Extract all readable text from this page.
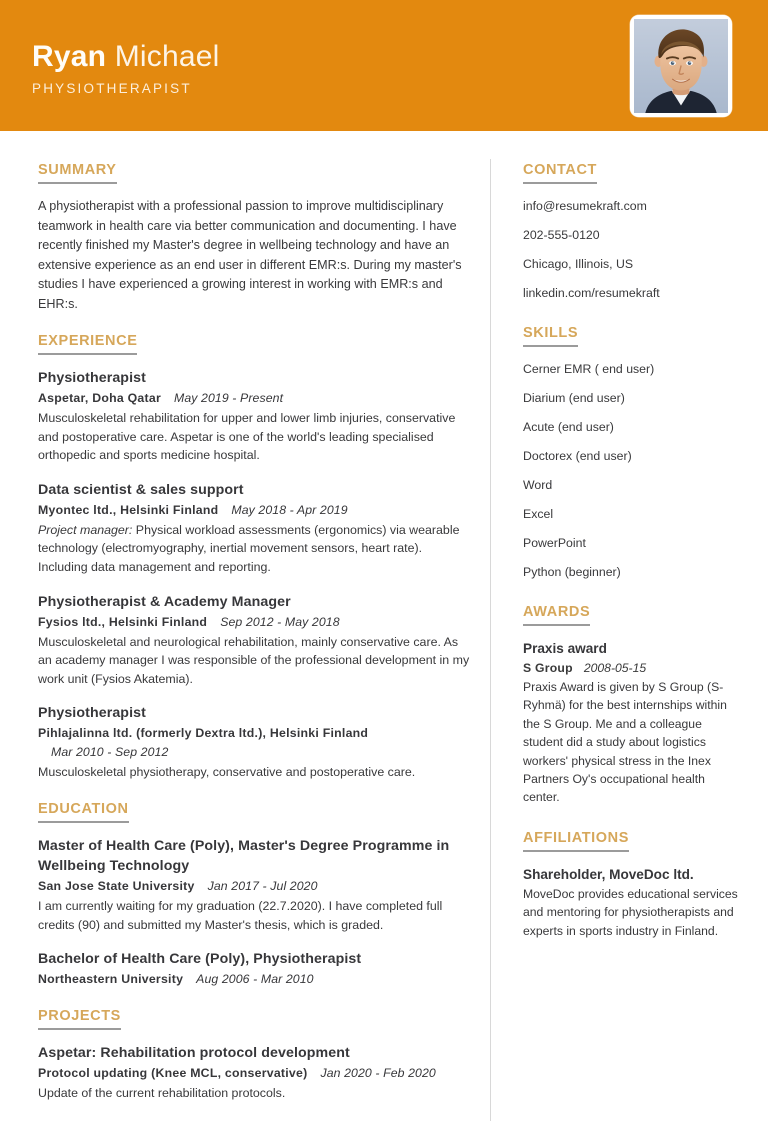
Ryan Michael
PHYSIOTHERAPIST
SUMMARY
A physiotherapist with a professional passion to improve multidisciplinary teamwork in health care via better communication and documenting. I have recently finished my Master's degree in wellbeing technology and have an extensive experience as an end user in different EMR:s. During my master's studies I have experienced a growing interest in working with EMR:s and EHR:s.
EXPERIENCE
Physiotherapist
Aspetar, Doha Qatar May 2019 - Present
Musculoskeletal rehabilitation for upper and lower limb injuries, conservative and postoperative care. Aspetar is one of the world's leading specialised orthopedic and sports medicine hospital.
Data scientist & sales support
Myontec ltd., Helsinki Finland May 2018 - Apr 2019
Project manager: Physical workload assessments (ergonomics) via wearable technology (electromyography, inertial movement sensors, heart rate). Including data management and reporting.
Physiotherapist & Academy Manager
Fysios ltd., Helsinki Finland Sep 2012 - May 2018
Musculoskeletal and neurological rehabilitation, mainly conservative care. As an academy manager I was responsible of the professional development in my work unit (Fysios Akatemia).
Physiotherapist
Pihlajalinna ltd. (formerly Dextra ltd.), Helsinki Finland
Mar 2010 - Sep 2012
Musculoskeletal physiotherapy, conservative and postoperative care.
EDUCATION
Master of Health Care (Poly), Master's Degree Programme in Wellbeing Technology
San Jose State University Jan 2017 - Jul 2020
I am currently waiting for my graduation (22.7.2020). I have completed full credits (90) and submitted my Master's thesis, which is graded.
Bachelor of Health Care (Poly), Physiotherapist
Northeastern University Aug 2006 - Mar 2010
PROJECTS
Aspetar: Rehabilitation protocol development
Protocol updating (Knee MCL, conservative) Jan 2020 - Feb 2020
Update of the current rehabilitation protocols.
CONTACT
info@resumekraft.com
202-555-0120
Chicago, Illinois, US
linkedin.com/resumekraft
SKILLS
Cerner EMR ( end user)
Diarium (end user)
Acute (end user)
Doctorex (end user)
Word
Excel
PowerPoint
Python (beginner)
AWARDS
Praxis award
S Group 2008-05-15
Praxis Award is given by S Group (S-Ryhmä) for the best internships within the S Group. Me and a colleague student did a study about logistics workers' physical stress in the Inex Partners Oy's occupational health center.
AFFILIATIONS
Shareholder, MoveDoc ltd.
MoveDoc provides educational services and mentoring for physiotherapists and experts in sports industry in Finland.
